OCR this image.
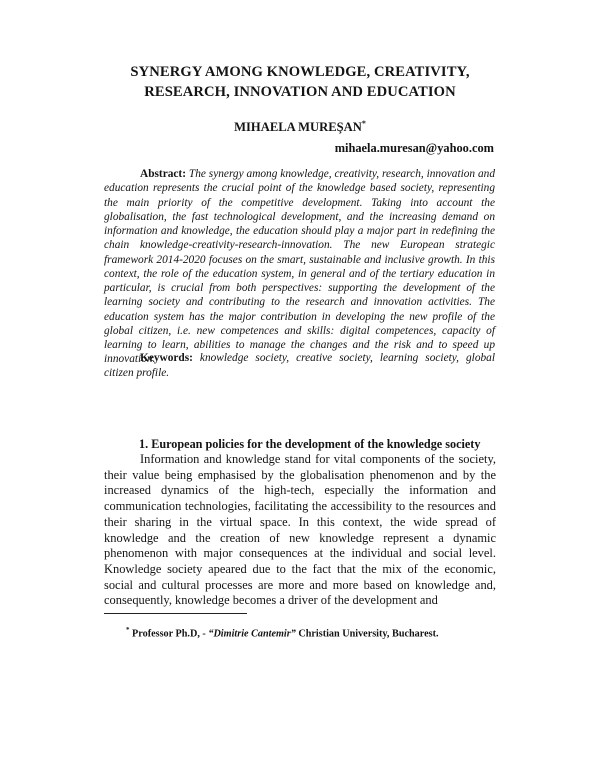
SYNERGY AMONG KNOWLEDGE, CREATIVITY,
RESEARCH, INNOVATION AND EDUCATION

MIHAELA MUREŞAN*

mihaela.muresan@yahoo.com

Abstract: The synergy among knowledge, creativity, research, innovation and education represents the crucial point of the knowledge based society, representing the main priority of the competitive development. Taking into account the globalisation, the fast technological development, and the increasing demand on information and knowledge, the education should play a major part in redefining the chain knowledge-creativity-research-innovation. The new European strategic framework 2014-2020 focuses on the smart, sustainable and inclusive growth. In this context, the role of the education system, in general and of the tertiary education in particular, is crucial from both perspectives: supporting the development of the learning society and contributing to the research and innovation activities. The education system has the major contribution in developing the new profile of the global citizen, i.e. new competences and skills: digital competences, capacity of learning to learn, abilities to manage the changes and the risk and to speed up innovation.

Keywords: knowledge society, creative society, learning society, global citizen profile.

1. European policies for the development of the knowledge society

Information and knowledge stand for vital components of the society, their value being emphasised by the globalisation phenomenon and by the increased dynamics of the high-tech, especially the information and communication technologies, facilitating the accessibility to the resources and their sharing in the virtual space. In this context, the wide spread of knowledge and the creation of new knowledge represent a dynamic phenomenon with major consequences at the individual and social level. Knowledge society apeared due to the fact that the mix of the economic, social and cultural processes are more and more based on knowledge and, consequently, knowledge becomes a driver of the development and

* Professor Ph.D, - “Dimitrie Cantemir” Christian University, Bucharest.
